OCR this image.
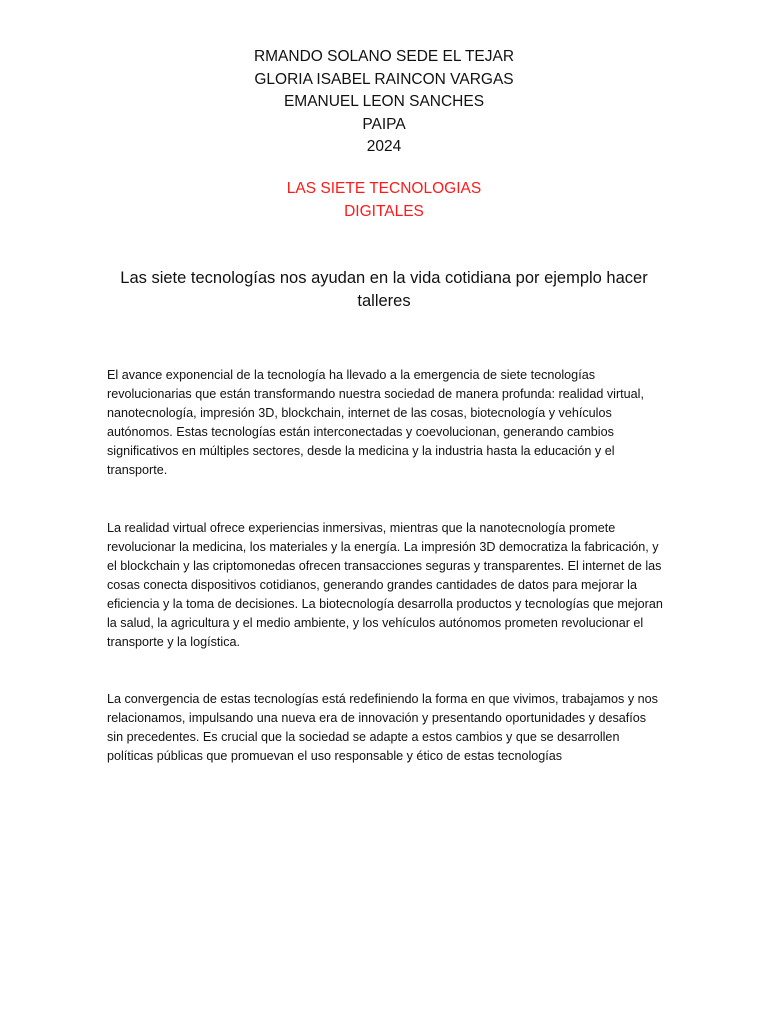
RMANDO SOLANO SEDE EL TEJAR
GLORIA ISABEL RAINCON VARGAS
EMANUEL LEON SANCHES
PAIPA
2024
LAS SIETE TECNOLOGIAS
DIGITALES
Las siete tecnologías nos ayudan en la vida cotidiana por ejemplo hacer talleres

El avance exponencial de la tecnología ha llevado a la emergencia de siete tecnologías revolucionarias que están transformando nuestra sociedad de manera profunda: realidad virtual, nanotecnología, impresión 3D, blockchain, internet de las cosas, biotecnología y vehículos autónomos. Estas tecnologías están interconectadas y coevolucionan, generando cambios significativos en múltiples sectores, desde la medicina y la industria hasta la educación y el transporte.

La realidad virtual ofrece experiencias inmersivas, mientras que la nanotecnología promete revolucionar la medicina, los materiales y la energía. La impresión 3D democratiza la fabricación, y el blockchain y las criptomonedas ofrecen transacciones seguras y transparentes. El internet de las cosas conecta dispositivos cotidianos, generando grandes cantidades de datos para mejorar la eficiencia y la toma de decisiones. La biotecnología desarrolla productos y tecnologías que mejoran la salud, la agricultura y el medio ambiente, y los vehículos autónomos prometen revolucionar el transporte y la logística.

La convergencia de estas tecnologías está redefiniendo la forma en que vivimos, trabajamos y nos relacionamos, impulsando una nueva era de innovación y presentando oportunidades y desafíos sin precedentes. Es crucial que la sociedad se adapte a estos cambios y que se desarrollen políticas públicas que promuevan el uso responsable y ético de estas tecnologías
